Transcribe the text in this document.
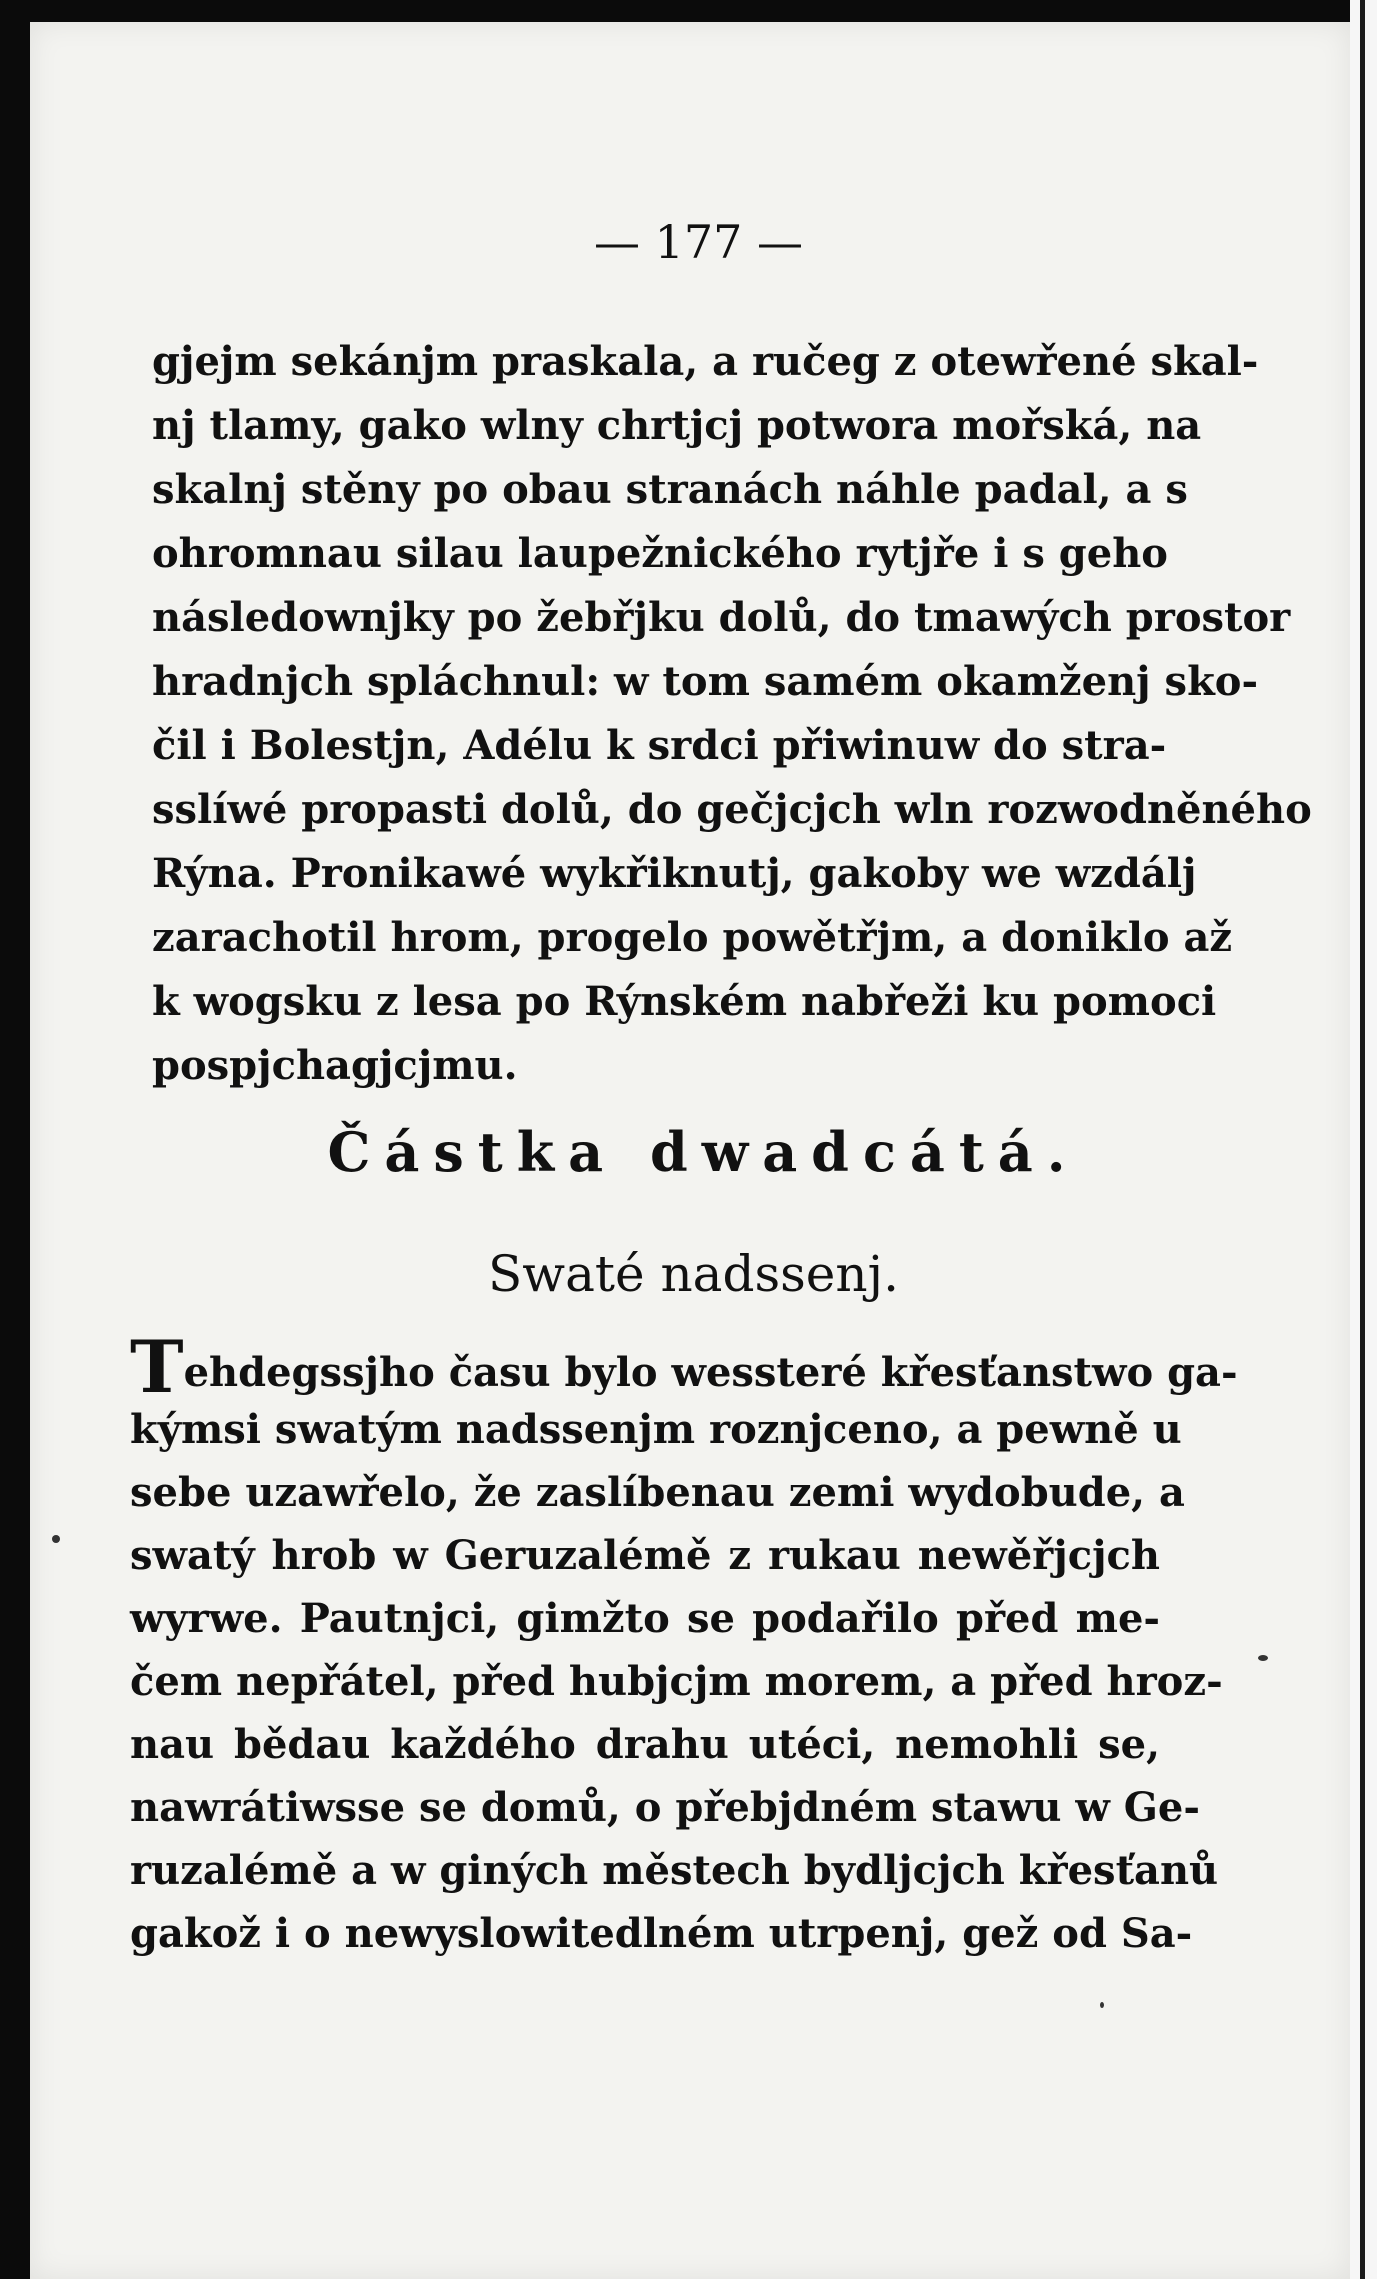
— 177 —
gjejm sekánjm praskala, a ručeg z otewřené skal-
nj tlamy, gako wlny chrtjcj potwora mořská, na
skalnj stěny po obau stranách náhle padal, a s
ohromnau silau laupežnického rytjře i s geho
následownjky po žebřjku dolů, do tmawých prostor
hradnjch spláchnul: w tom samém okamženj sko-
čil i Bolestjn, Adélu k srdci přiwinuw do stra-
sslíwé propasti dolů, do gečjcjch wln rozwodněného
Rýna. Pronikawé wykřiknutj, gakoby we wzdálj
zarachotil hrom, progelo powětřjm, a doniklo až
k wogsku z lesa po Rýnském nabřeži ku pomoci
pospjchagjcjmu.
Částka dwadcátá.
Swaté nadssenj.
Tehdegssjho času bylo wessteré křesťanstwo ga-
kýmsi swatým nadssenjm roznjceno, a pewně u
sebe uzawřelo, že zaslíbenau zemi wydobude, a
swatý hrob w Geruzalémě z rukau newěřjcjch
wyrwe. Pautnjci, gimžto se podařilo před me-
čem nepřátel, před hubjcjm morem, a před hroz-
nau bědau každého drahu utéci, nemohli se,
nawrátiwsse se domů, o přebjdném stawu w Ge-
ruzalémě a w giných městech bydljcjch křesťanů
gakož i o newyslowitedlném utrpenj, gež od Sa-
